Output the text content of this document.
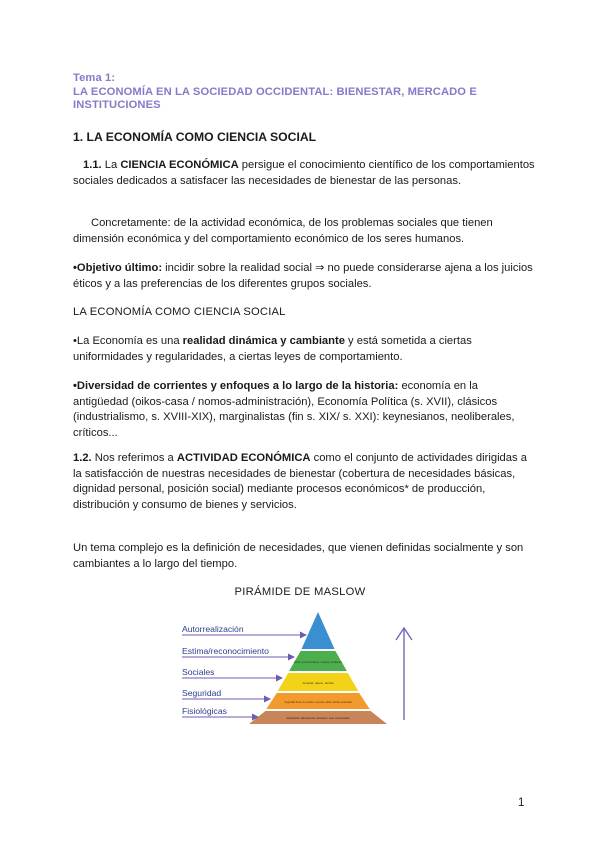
Tema 1:
LA ECONOMÍA EN LA SOCIEDAD OCCIDENTAL: BIENESTAR, MERCADO E
INSTITUCIONES
1. LA ECONOMÍA COMO CIENCIA SOCIAL
1.1. La CIENCIA ECONÓMICA persigue el conocimiento científico de los comportamientos sociales dedicados a satisfacer las necesidades de bienestar de las personas.
Concretamente: de la actividad económica, de los problemas sociales que tienen dimensión económica y del comportamiento económico de los seres humanos.
•Objetivo último: incidir sobre la realidad social ⇒ no puede considerarse ajena a los juicios éticos y a las preferencias de los diferentes grupos sociales.
LA ECONOMÍA COMO CIENCIA SOCIAL
•La Economía es una realidad dinámica y cambiante y está sometida a ciertas uniformidades y regularidades, a ciertas leyes de comportamiento.
•Diversidad de corrientes y enfoques a lo largo de la historia: economía en la antigüedad (oikos-casa / nomos-administración), Economía Política (s. XVII), clásicos (industrialismo, s. XVIII-XIX), marginalistas (fin s. XIX/ s. XXI): keynesianos, neoliberales, críticos...
1.2. Nos referimos a ACTIVIDAD ECONÓMICA como el conjunto de actividades dirigidas a la satisfacción de nuestras necesidades de bienestar (cobertura de necesidades básicas, dignidad personal, posición social) mediante procesos económicos* de producción, distribución y consumo de bienes y servicios.
Un tema complejo es la definición de necesidades, que vienen definidas socialmente y son cambiantes a lo largo del tiempo.
PIRÁMIDE DE MASLOW
Éxito, reconocimiento, respeto, confianza
Amistad, afecto, familia
Seguridad física, de empleo, recursos, salud, familia, propiedad
Respiración, alimentación, descanso, sexo, homeostasis
Autorrealización
Estima/reconocimiento
Sociales
Seguridad
Fisiológicas
1
